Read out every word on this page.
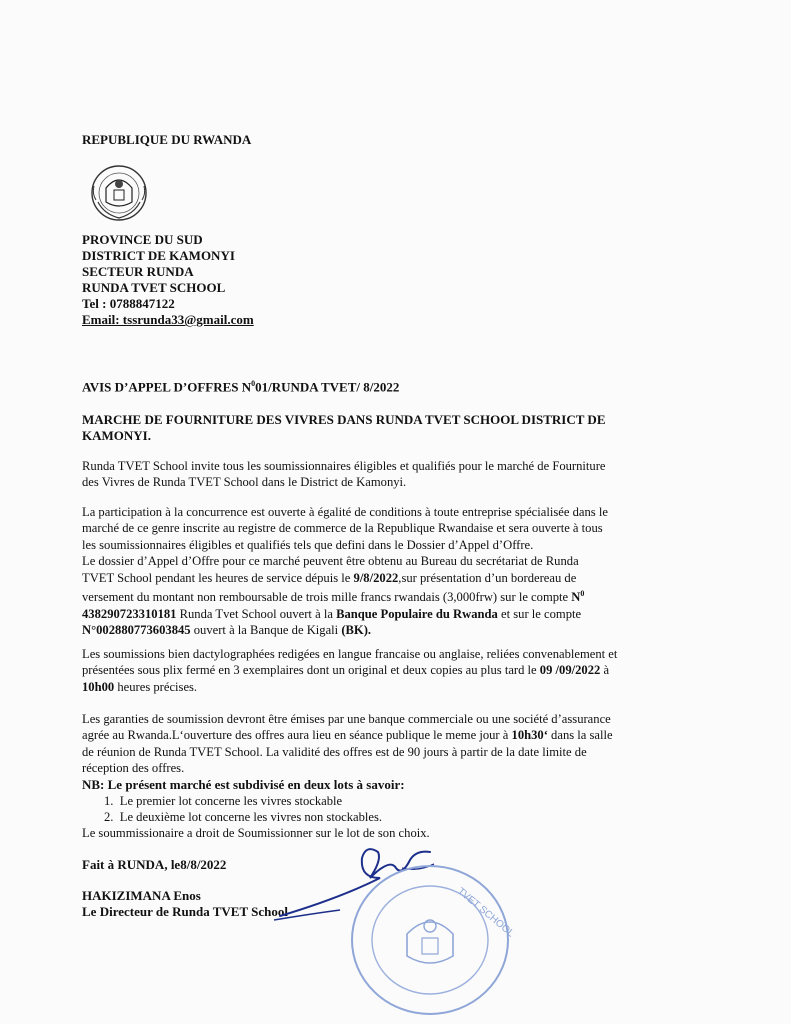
REPUBLIQUE DU RWANDA
PROVINCE DU SUD
DISTRICT DE KAMONYI
SECTEUR RUNDA
RUNDA TVET SCHOOL
Tel : 0788847122
Email: tssrunda33@gmail.com
AVIS D’APPEL D’OFFRES $N^001$/RUNDA TVET/ 8/2022
MARCHE DE FOURNITURE DES VIVRES DANS RUNDA TVET SCHOOL DISTRICT DE
KAMONYI.
Runda TVET School invite tous les soumissionnaires éligibles et qualifiés pour le marché de Fourniture
des Vivres de Runda TVET School dans le District de Kamonyi.
La participation à la concurrence est ouverte à égalité de conditions à toute entreprise spécialisée dans le
marché de ce genre inscrite au registre de commerce de la Republique Rwandaise et sera ouverte à tous
les soumissionnaires éligibles et qualifiés tels que defini dans le Dossier d’Appel d’Offre.
Le dossier d’Appel d’Offre pour ce marché peuvent être obtenu au Bureau du secrétariat de Runda
TVET School pendant les heures de service dépuis le 9/8/2022,sur présentation d’un bordereau de
versement du montant non remboursable de trois mille francs rwandais (3,000frw) sur le compte $N^0$
438290723310181 Runda Tvet School ouvert à la Banque Populaire du Rwanda et sur le compte
N°002880773603845 ouvert à la Banque de Kigali (BK).
Les soumissions bien dactylographées redigées en langue francaise ou anglaise, reliées convenablement et
présentées sous plix fermé en 3 exemplaires dont un original et deux copies au plus tard le 09 /09/2022 à
10h00 heures précises.
Les garanties de soumission devront être émises par une banque commerciale ou une société d’assurance
agrée au Rwanda.L‘ouverture des offres aura lieu en séance publique le meme jour à 10h30‘ dans la salle
de réunion de Runda TVET School. La validité des offres est de 90 jours à partir de la date limite de
réception des offres.
NB: Le présent marché est subdivisé en deux lots à savoir:
1. Le premier lot concerne les vivres stockable
2. Le deuxième lot concerne les vivres non stockables.
Le soummissionaire a droit de Soumissionner sur le lot de son choix.
Fait à RUNDA, le8/8/2022
HAKIZIMANA Enos
Le Directeur de Runda TVET School	TVET SCHOOL
